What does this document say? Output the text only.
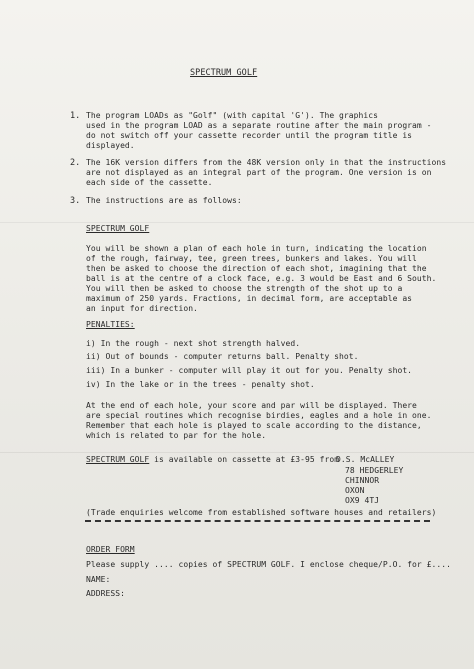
SPECTRUM GOLF
1. The program LOADs as "Golf" (with capital 'G'). The graphics
used in the program LOAD as a separate routine after the main program -
do not switch off your cassette recorder until the program title is
displayed.
2. The 16K version differs from the 48K version only in that the instructions
are not displayed as an integral part of the program. One version is on
each side of the cassette.
3. The instructions are as follows:
SPECTRUM GOLF
You will be shown a plan of each hole in turn, indicating the location
of the rough, fairway, tee, green trees, bunkers and lakes. You will
then be asked to choose the direction of each shot, imagining that the
ball is at the centre of a clock face, e.g. 3 would be East and 6 South.
You will then be asked to choose the strength of the shot up to a
maximum of 250 yards. Fractions, in decimal form, are acceptable as
an input for direction.
PENALTIES:
i) In the rough - next shot strength halved.
ii) Out of bounds - computer returns ball. Penalty shot.
iii) In a bunker - computer will play it out for you. Penalty shot.
iv) In the lake or in the trees - penalty shot.
At the end of each hole, your score and par will be displayed. There
are special routines which recognise birdies, eagles and a hole in one.
Remember that each hole is played to scale according to the distance,
which is related to par for the hole.
SPECTRUM GOLF is available on cassette at £3-95 from
D.S. McALLEY
78 HEDGERLEY
CHINNOR
OXON
OX9 4TJ
(Trade enquiries welcome from established software houses and retailers)
ORDER FORM
Please supply .... copies of SPECTRUM GOLF. I enclose cheque/P.O. for £....
NAME:
ADDRESS:
